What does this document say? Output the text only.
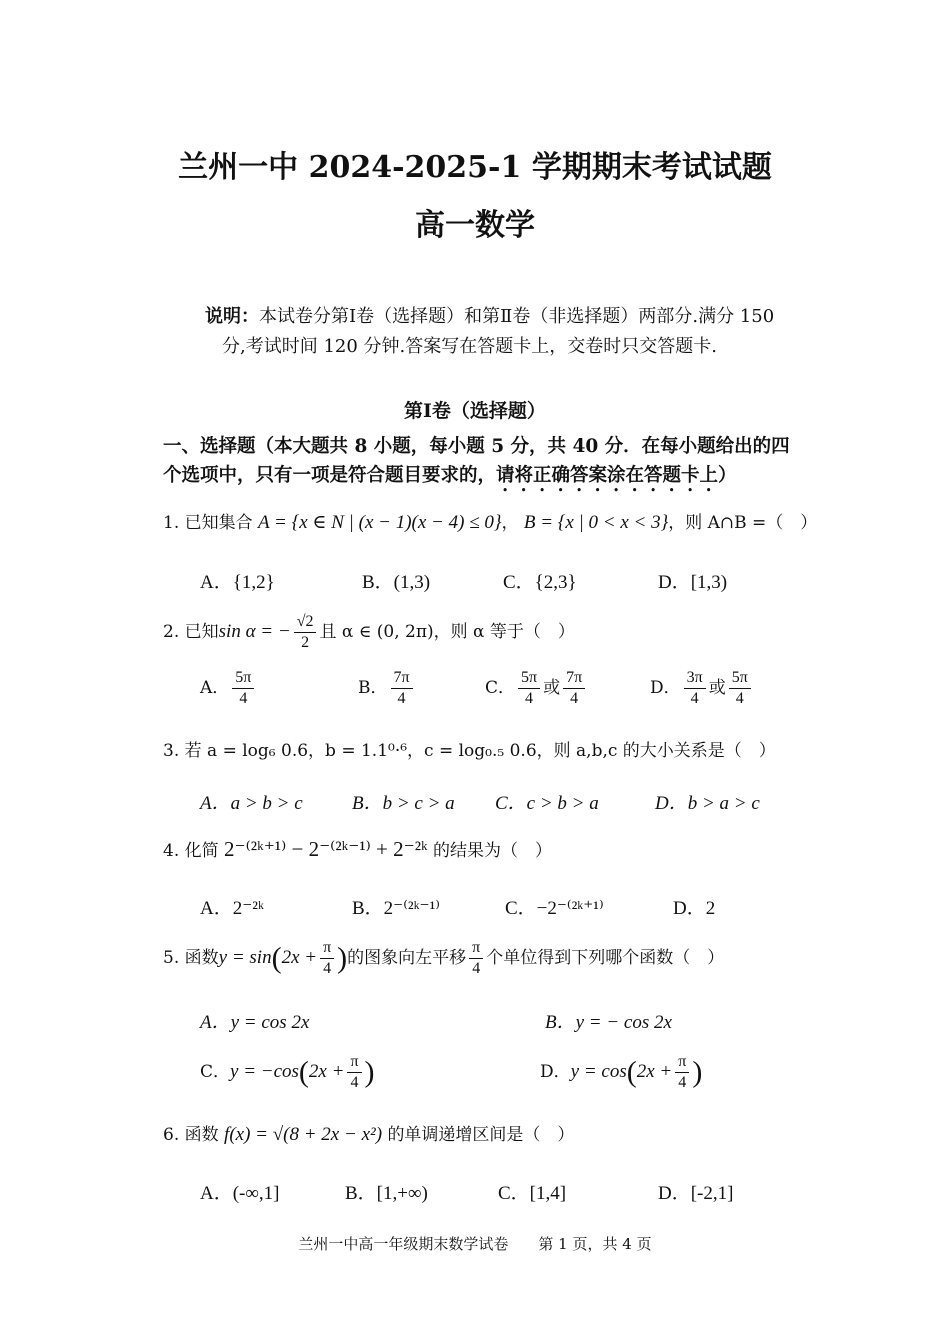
兰州一中 2024-2025-1 学期期末考试试题
高一数学
说明：本试卷分第Ⅰ卷（选择题）和第Ⅱ卷（非选择题）两部分.满分 150
分,考试时间 120 分钟.答案写在答题卡上，交卷时只交答题卡.
第Ⅰ卷（选择题）
一、选择题（本大题共 8 小题，每小题 5 分，共 40 分．在每小题给出的四
个选项中，只有一项是符合题目要求的，请将正确答案涂在答题卡上）
1. 已知集合 A = {x ∈ N | (x − 1)(x − 4) ≤ 0}， B = {x | 0 < x < 3}，则 A∩B =（　）
A．{1,2}	B．(1,3)	C．{2,3}	D．[1,3)
2. 已知sin α = − $\frac{√2}{2}$ 且 α ∈ (0, 2π)，则 α 等于（　）
A． $\frac{5\pi}{4}$	B． $\frac{7\pi}{4}$	C． $\frac{5\pi}{4}$ 或 $\frac{7\pi}{4}$	D． $\frac{3\pi}{4}$ 或 $\frac{5\pi}{4}$
3. 若 a = log₆ 0.6，b = 1.1⁰·⁶，c = log₀.₅ 0.6，则 a,b,c 的大小关系是（　）
A．a > b > c	B．b > c > a C．c > b > a	D．b > a > c
4. 化简 2⁻⁽²ᵏ⁺¹⁾ − 2⁻⁽²ᵏ⁻¹⁾ + 2⁻²ᵏ 的结果为（　）
A．2⁻²ᵏ	B．2⁻⁽²ᵏ⁻¹⁾	C．−2⁻⁽²ᵏ⁺¹⁾	D．2
5. 函数$y = \sin(2x + \frac{\pi}{4}$ )的图象向左平移 $\frac{\pi}{4}$ 个单位得到下列哪个函数（　）
A．y = cos 2x	B．y = − cos 2x
C．$y = -\cos(2x + \frac{\pi}{4}$ )	D．$y = \cos(2x + \frac{\pi}{4}$ )
6. 函数 f(x) = √(8 + 2x − x²) 的单调递增区间是（　）
A．(-∞,1]	B．[1,+∞)	C．[1,4]	D．[-2,1]
兰州一中高一年级期末数学试卷　　第 1 页，共 4 页
